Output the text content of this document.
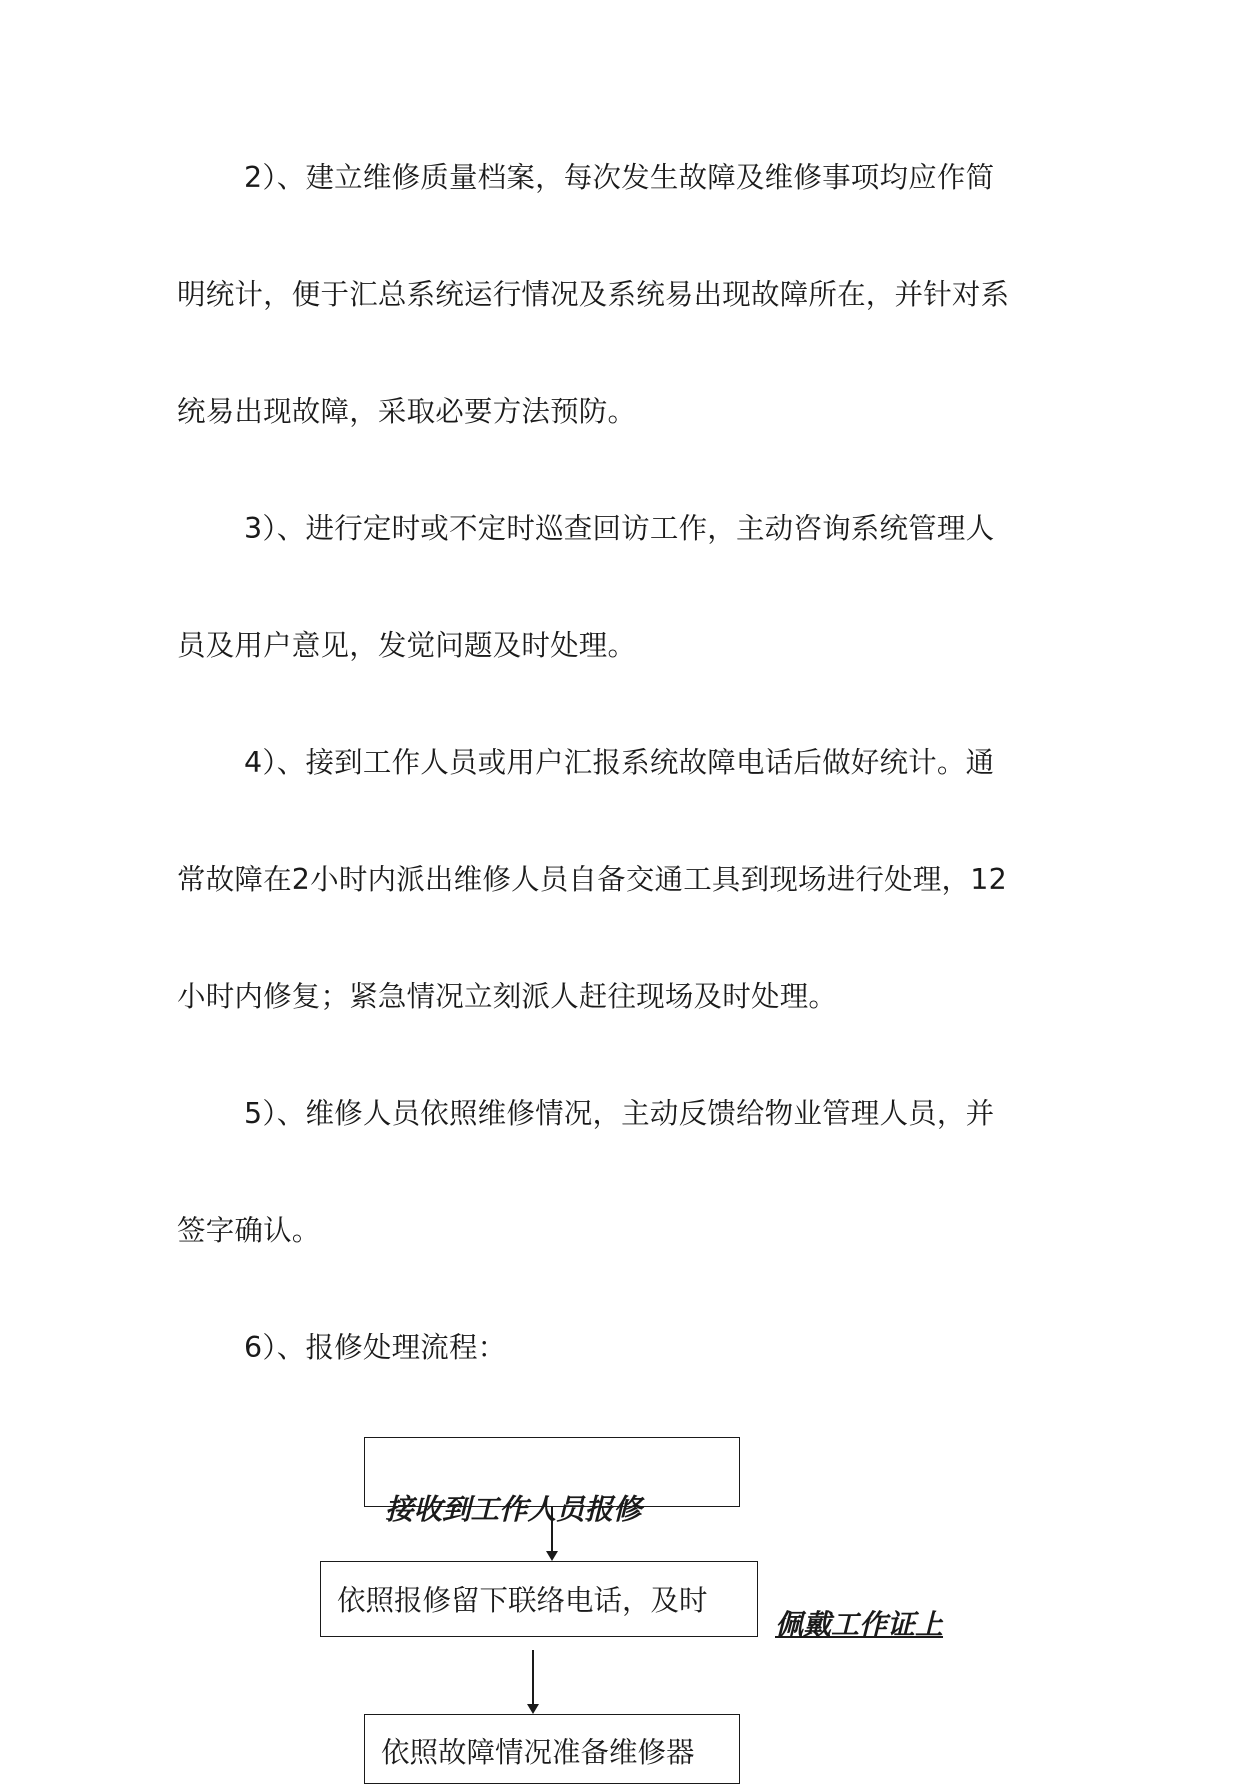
2）、建立维修质量档案，每次发生故障及维修事项均应作简
明统计，便于汇总系统运行情况及系统易出现故障所在，并针对系
统易出现故障，采取必要方法预防。
3）、进行定时或不定时巡查回访工作，主动咨询系统管理人
员及用户意见，发觉问题及时处理。
4）、接到工作人员或用户汇报系统故障电话后做好统计。通
常故障在2小时内派出维修人员自备交通工具到现场进行处理，12
小时内修复；紧急情况立刻派人赶往现场及时处理。
5）、维修人员依照维修情况，主动反馈给物业管理人员，并
签字确认。
6）、报修处理流程：
接收到工作人员报修
依照报修留下联络电话，及时
佩戴工作证上
依照故障情况准备维修器
